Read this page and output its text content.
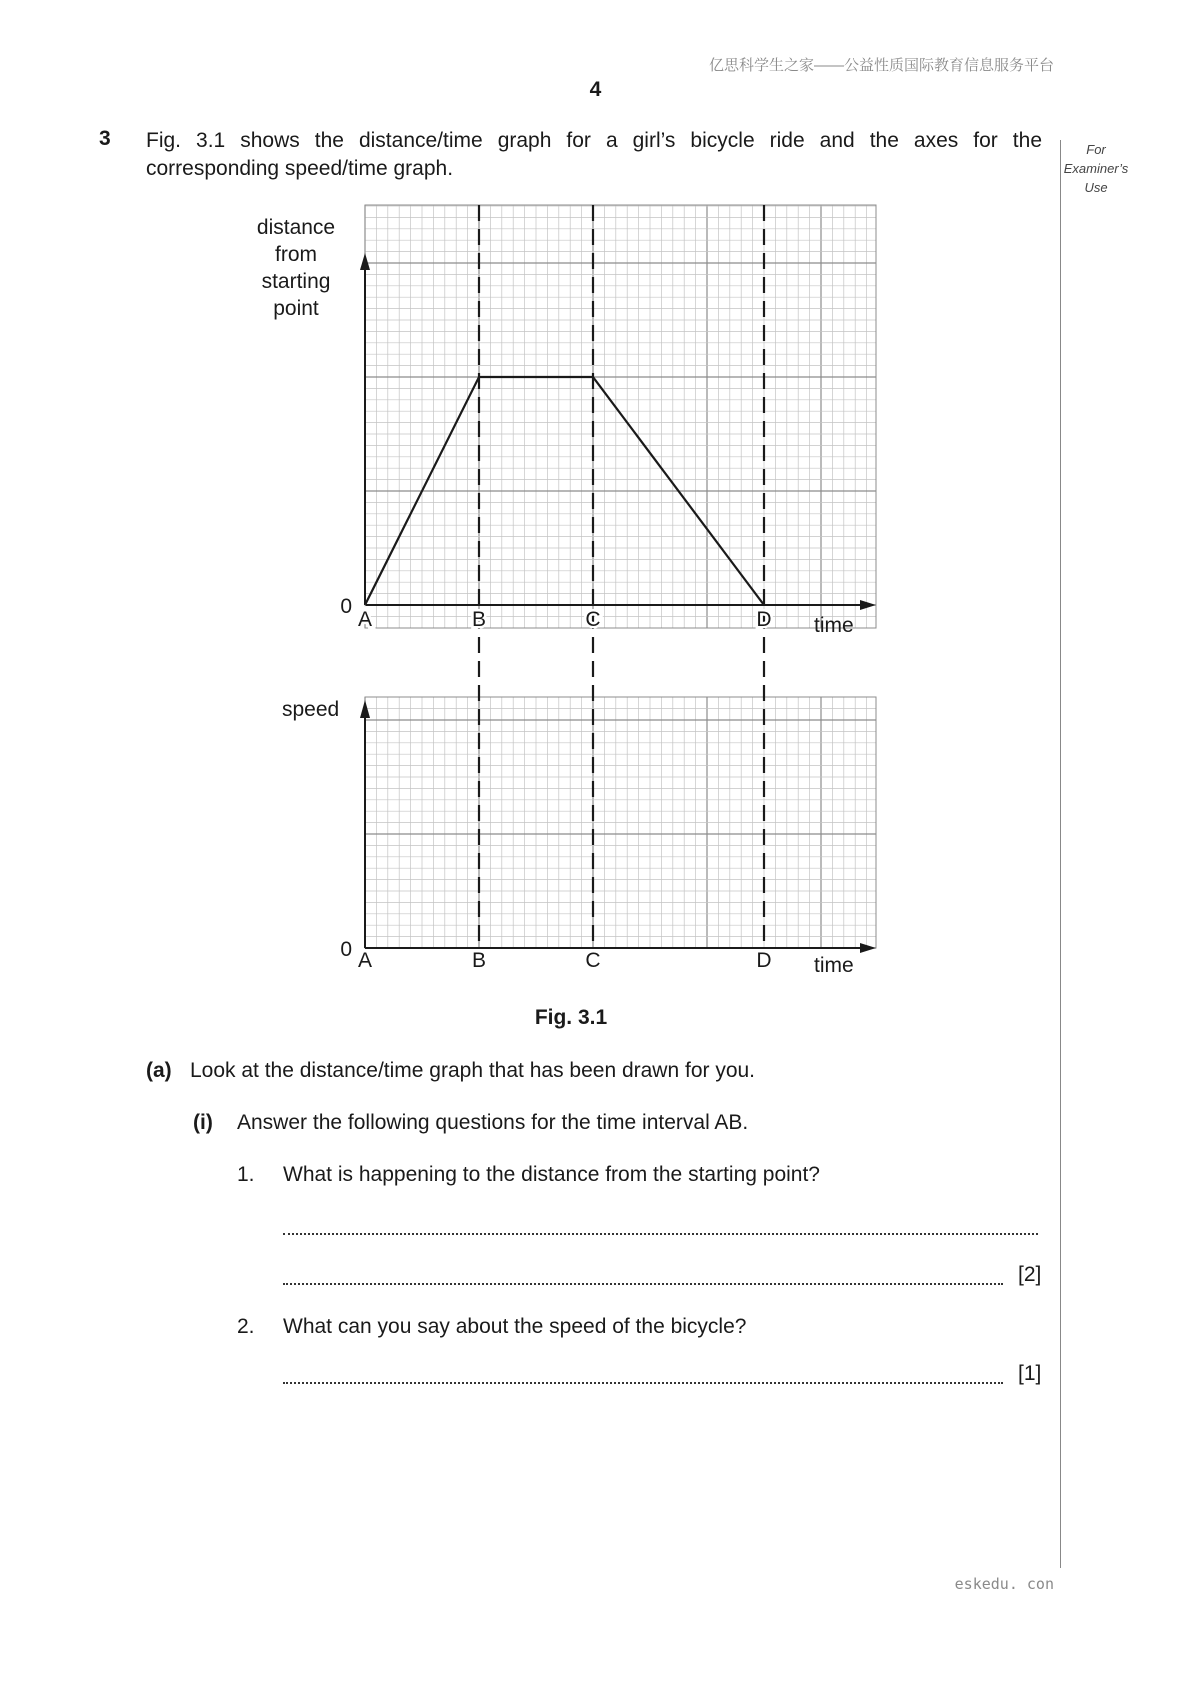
亿思科学生之家——公益性质国际教育信息服务平台
4
3 Fig. 3.1 shows the distance/time graph for a girl’s bicycle ride and the axes for the corresponding speed/time graph.
For
Examiner’s
Use
distance
from
starting
point
0
time
A	B	C	D
speed
0
time
A	B	C	D
Fig. 3.1
(a) Look at the distance/time graph that has been drawn for you.
(i) Answer the following questions for the time interval AB.
1. What is happening to the distance from the starting point?
[2]
2. What can you say about the speed of the bicycle?
[1]
eskedu. con
